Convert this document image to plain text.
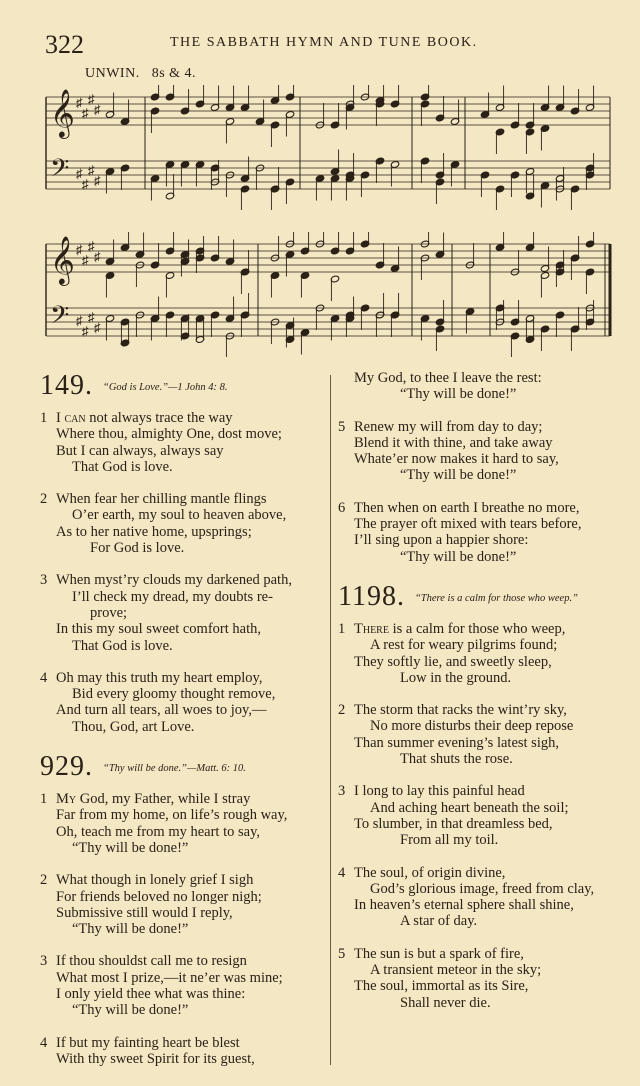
322	THE SABBATH HYMN AND TUNE BOOK.
UNWIN. 8s & 4.
𝄞
𝄢
♯
♯
♯
♯
♯
♯
♯
♯
𝄞
𝄢
♯
♯
♯
♯
♯
♯
♯
♯
149. $^{“God is Love.”—1 John 4: 8.}$
1 I can not always trace the way
Where thou, almighty One, dost move;
But I can always, always say
That God is love.
2 When fear her chilling mantle flings
O’er earth, my soul to heaven above,
As to her native home, upsprings;
For God is love.
3 When myst’ry clouds my darkened path,
I’ll check my dread, my doubts re-
prove;
In this my soul sweet comfort hath,
That God is love.
4 Oh may this truth my heart employ,
Bid every gloomy thought remove,
And turn all tears, all woes to joy,—
Thou, God, art Love.
929. $^{“Thy will be done.”—Matt. 6: 10.}$
1 My God, my Father, while I stray
Far from my home, on life’s rough way,
Oh, teach me from my heart to say,
“Thy will be done!”
2 What though in lonely grief I sigh
For friends beloved no longer nigh;
Submissive still would I reply,
“Thy will be done!”
3 If thou shouldst call me to resign
What most I prize,—it ne’er was mine;
I only yield thee what was thine:
“Thy will be done!”
4 If but my fainting heart be blest
With thy sweet Spirit for its guest,
My God, to thee I leave the rest:
“Thy will be done!”
5 Renew my will from day to day;
Blend it with thine, and take away
Whate’er now makes it hard to say,
“Thy will be done!”
6 Then when on earth I breathe no more,
The prayer oft mixed with tears before,
I’ll sing upon a happier shore:
“Thy will be done!”
1198. $^{“There is a calm for those who weep.”}$
1 There is a calm for those who weep,
A rest for weary pilgrims found;
They softly lie, and sweetly sleep,
Low in the ground.
2 The storm that racks the wint’ry sky,
No more disturbs their deep repose
Than summer evening’s latest sigh,
That shuts the rose.
3 I long to lay this painful head
And aching heart beneath the soil;
To slumber, in that dreamless bed,
From all my toil.
4 The soul, of origin divine,
God’s glorious image, freed from clay,
In heaven’s eternal sphere shall shine,
A star of day.
5 The sun is but a spark of fire,
A transient meteor in the sky;
The soul, immortal as its Sire,
Shall never die.
